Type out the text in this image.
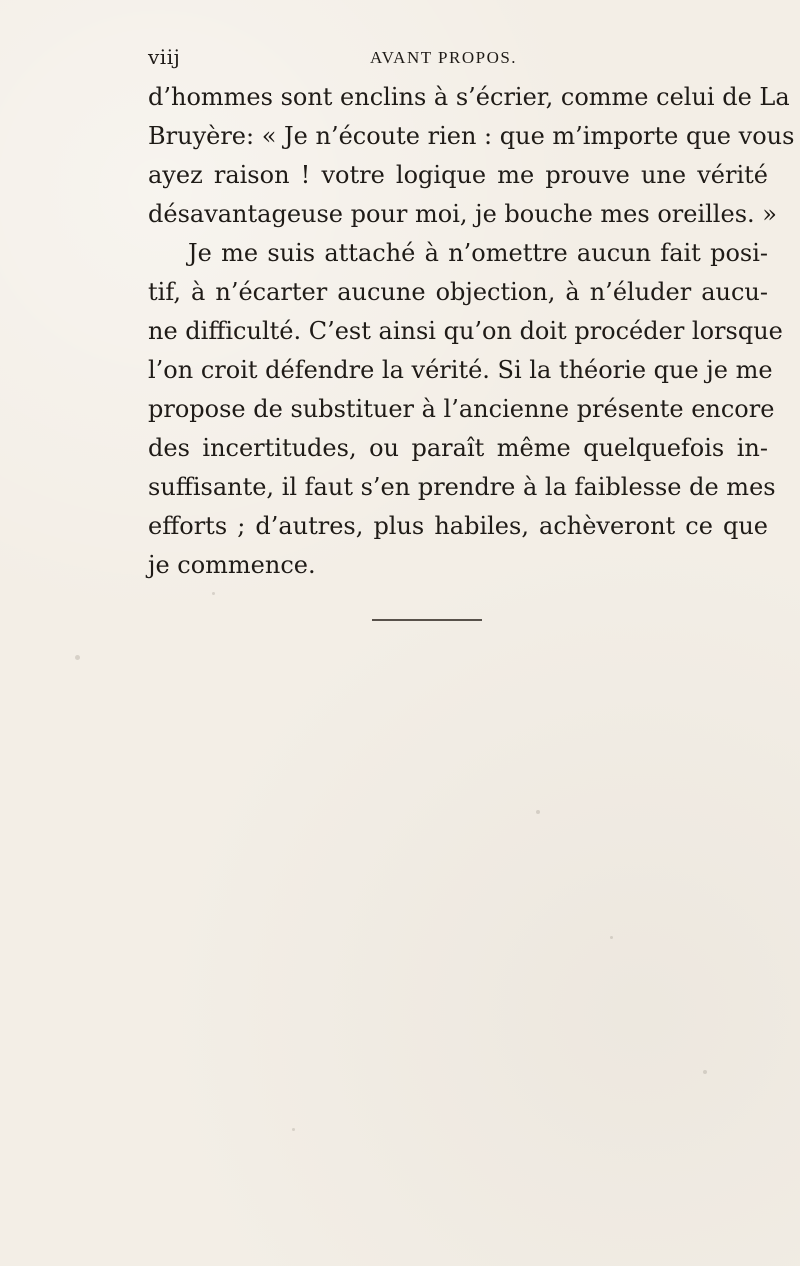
viij	AVANT PROPOS.
d’hommes sont enclins à s’écrier, comme celui de La
Bruyère: « Je n’écoute rien : que m’importe que vous
ayez raison ! votre logique me prouve une vérité
désavantageuse pour moi, je bouche mes oreilles. »
Je me suis attaché à n’omettre aucun fait posi-
tif, à n’écarter aucune objection, à n’éluder aucu-
ne difficulté. C’est ainsi qu’on doit procéder lorsque
l’on croit défendre la vérité. Si la théorie que je me
propose de substituer à l’ancienne présente encore
des incertitudes, ou paraît même quelquefois in-
suffisante, il faut s’en prendre à la faiblesse de mes
efforts ; d’autres, plus habiles, achèveront ce que
je commence.
